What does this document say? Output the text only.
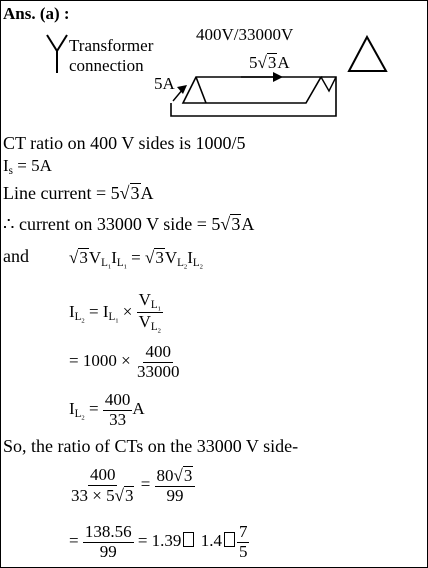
Ans. (a) :
Transformer
connection
400V/33000V
5√3A
5A
CT ratio on 400 V sides is 1000/5
$I_s = 5A$
Line current = 5√3A
∴ current on 33000 V side = 5√3A
and $√3V_{L_1}I_{L_1} = √3V_{L_2}I_{L_2}$
$I_{L_2} = I_{L_1} \times \frac{V_{L_1}}{V_{L_2}}$
= $1000 \times \frac{400}{33000}$
$I_{L_2} = \frac{400}{33}$ A
So, the ratio of CTs on the 33000 V side-
$\frac{400}{33 \times 5√3} = \frac{80√3}{99}$
= $\frac{138.56}{99} = 1.39$ $1.4 \frac{7}{5}$
